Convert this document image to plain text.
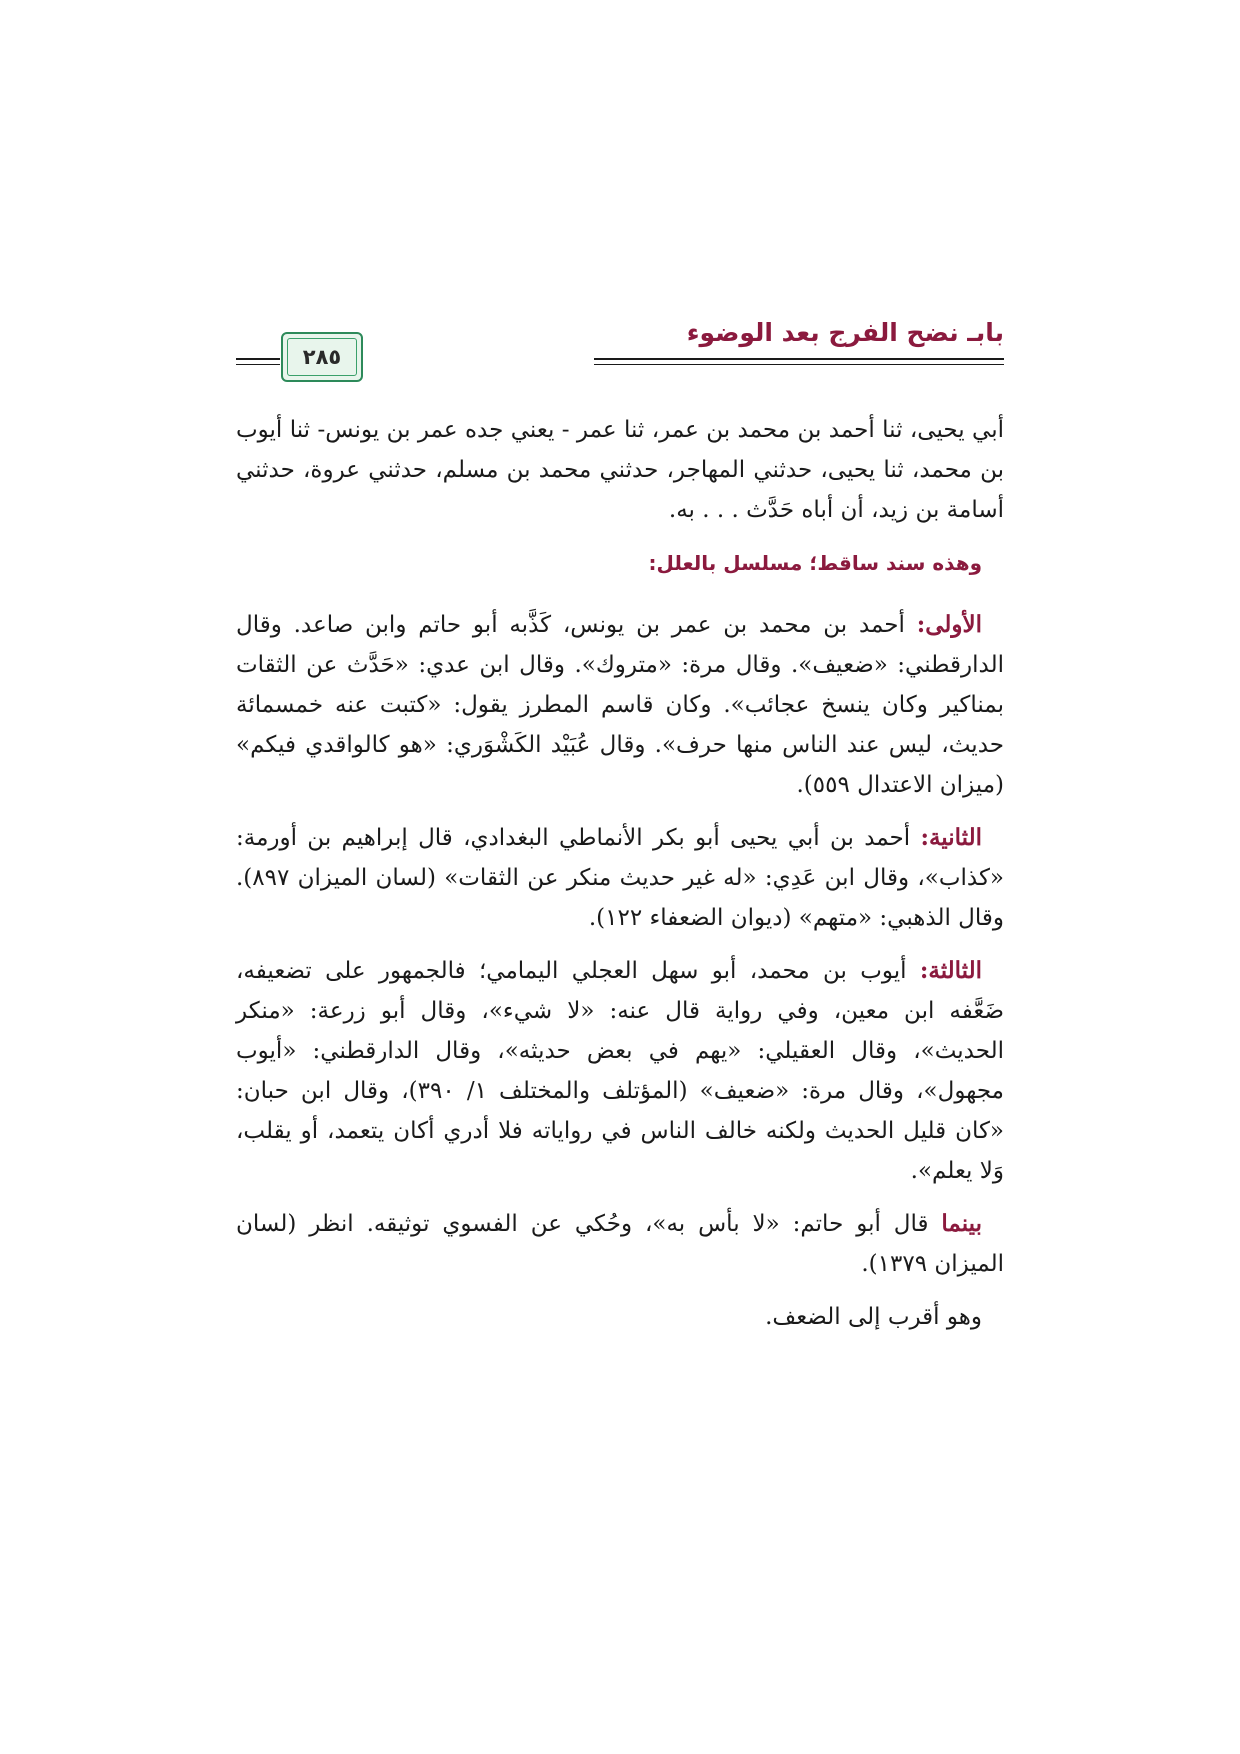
بابـ نضح الفرج بعد الوضوء
٢٨٥

أبي يحيى، ثنا أحمد بن محمد بن عمر، ثنا عمر - يعني جده عمر بن يونس- ثنا أيوب بن محمد، ثنا يحيى، حدثني المهاجر، حدثني محمد بن مسلم، حدثني عروة، حدثني أسامة بن زيد، أن أباه حَدَّث . . . به.

وهذه سند ساقط؛ مسلسل بالعلل:

الأولى: أحمد بن محمد بن عمر بن يونس، كَذَّبه أبو حاتم وابن صاعد. وقال الدارقطني: «ضعيف». وقال مرة: «متروك». وقال ابن عدي: «حَدَّث عن الثقات بمناكير وكان ينسخ عجائب». وكان قاسم المطرز يقول: «كتبت عنه خمسمائة حديث، ليس عند الناس منها حرف». وقال عُبَيْد الكَشْوَري: «هو كالواقدي فيكم» (ميزان الاعتدال ٥٥٩).

الثانية: أحمد بن أبي يحيى أبو بكر الأنماطي البغدادي، قال إبراهيم بن أورمة: «كذاب»، وقال ابن عَدِي: «له غير حديث منكر عن الثقات» (لسان الميزان ٨٩٧). وقال الذهبي: «متهم» (ديوان الضعفاء ١٢٢).

الثالثة: أيوب بن محمد، أبو سهل العجلي اليمامي؛ فالجمهور على تضعيفه، ضَعَّفه ابن معين، وفي رواية قال عنه: «لا شيء»، وقال أبو زرعة: «منكر الحديث»، وقال العقيلي: «يهم في بعض حديثه»، وقال الدارقطني: «أيوب مجهول»، وقال مرة: «ضعيف» (المؤتلف والمختلف ١/ ٣٩٠)، وقال ابن حبان: «كان قليل الحديث ولكنه خالف الناس في رواياته فلا أدري أكان يتعمد، أو يقلب، وَلا يعلم».

بينما قال أبو حاتم: «لا بأس به»، وحُكي عن الفسوي توثيقه. انظر (لسان الميزان ١٣٧٩).

وهو أقرب إلى الضعف.
